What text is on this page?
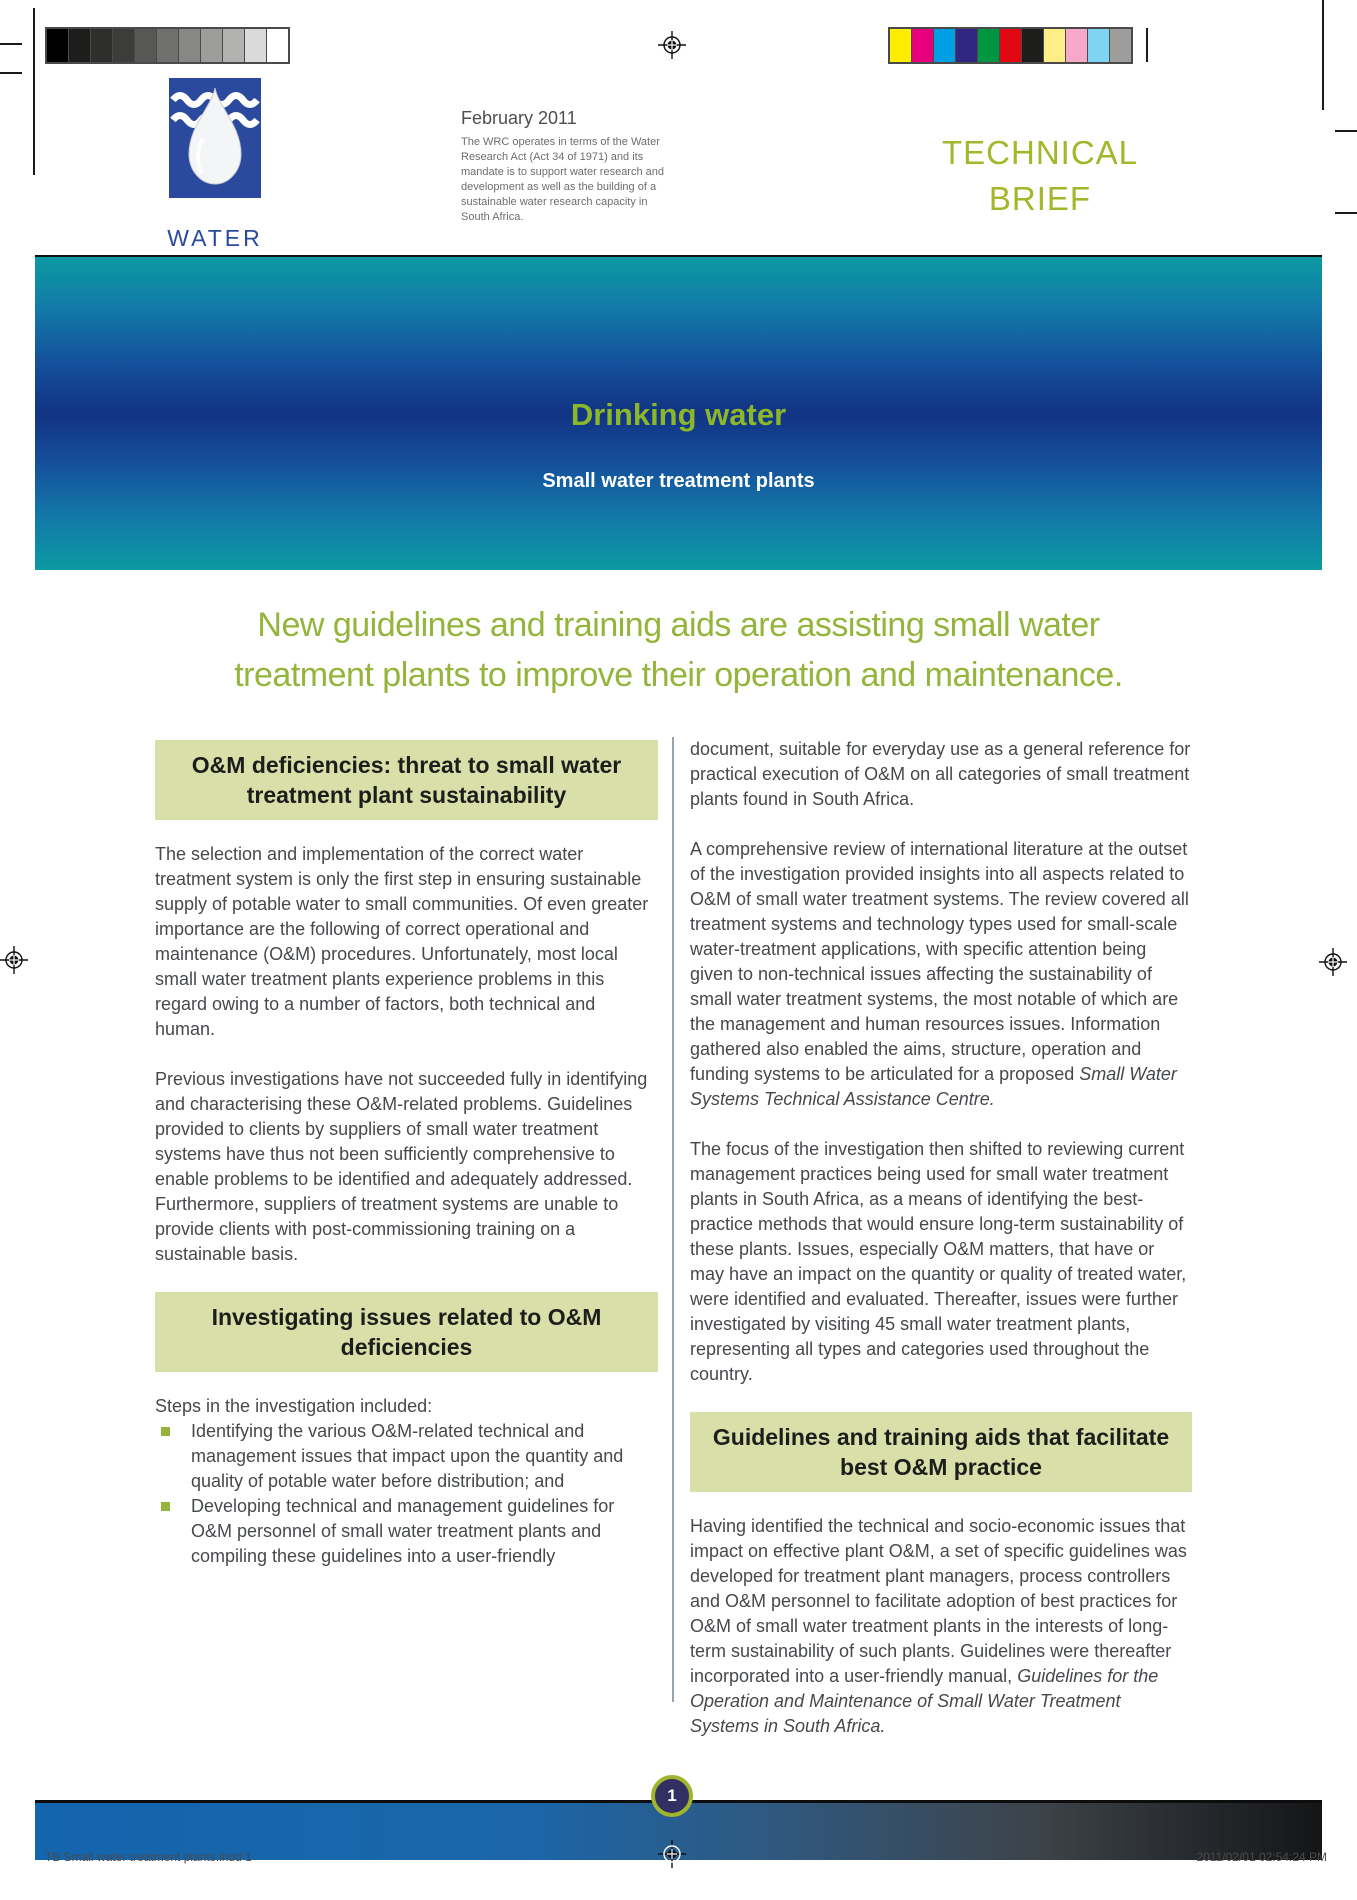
WATER
February 2011
The WRC operates in terms of the Water Research Act (Act 34 of 1971) and its mandate is to support water research and development as well as the building of a sustainable water research capacity in South Africa.
TECHNICAL
BRIEF
Drinking water
Small water treatment plants
New guidelines and training aids are assisting small water
treatment plants to improve their operation and maintenance.
O&M deficiencies: threat to small water treatment plant sustainability

The selection and implementation of the correct water treatment system is only the first step in ensuring sustainable supply of potable water to small communities. Of even greater importance are the following of correct operational and maintenance (O&M) procedures. Unfortunately, most local small water treatment plants experience problems in this regard owing to a number of factors, both technical and human.

Previous investigations have not succeeded fully in identifying and characterising these O&M-related problems. Guidelines provided to clients by suppliers of small water treatment systems have thus not been sufficiently comprehensive to enable problems to be identified and adequately addressed. Furthermore, suppliers of treatment systems are unable to provide clients with post-commissioning training on a sustainable basis.

Investigating issues related to O&M deficiencies

Steps in the investigation included:

Identifying the various O&M-related technical and management issues that impact upon the quantity and quality of potable water before distribution; and
Developing technical and management guidelines for O&M personnel of small water treatment plants and compiling these guidelines into a user-friendly

document, suitable for everyday use as a general reference for practical execution of O&M on all categories of small treatment plants found in South Africa.

A comprehensive review of international literature at the outset of the investigation provided insights into all aspects related to O&M of small water treatment systems. The review covered all treatment systems and technology types used for small-scale water-treatment applications, with specific attention being given to non-technical issues affecting the sustainability of small water treatment systems, the most notable of which are the management and human resources issues. Information gathered also enabled the aims, structure, operation and funding systems to be articulated for a proposed Small Water Systems Technical Assistance Centre.

The focus of the investigation then shifted to reviewing current management practices being used for small water treatment plants in South Africa, as a means of identifying the best-practice methods that would ensure long-term sustainability of these plants. Issues, especially O&M matters, that have or may have an impact on the quantity or quality of treated water, were identified and evaluated. Thereafter, issues were further investigated by visiting 45 small water treatment plants, representing all types and categories used throughout the country.

Guidelines and training aids that facilitate best O&M practice

Having identified the technical and socio-economic issues that impact on effective plant O&M, a set of specific guidelines was developed for treatment plant managers, process controllers and O&M personnel to facilitate adoption of best practices for O&M of small water treatment plants in the interests of long-term sustainability of such plants. Guidelines were thereafter incorporated into a user-friendly manual, Guidelines for the Operation and Maintenance of Small Water Treatment Systems in South Africa.

1
TB Small water treatment plants.indd 1	2011/02/01 02:54:24 PM
